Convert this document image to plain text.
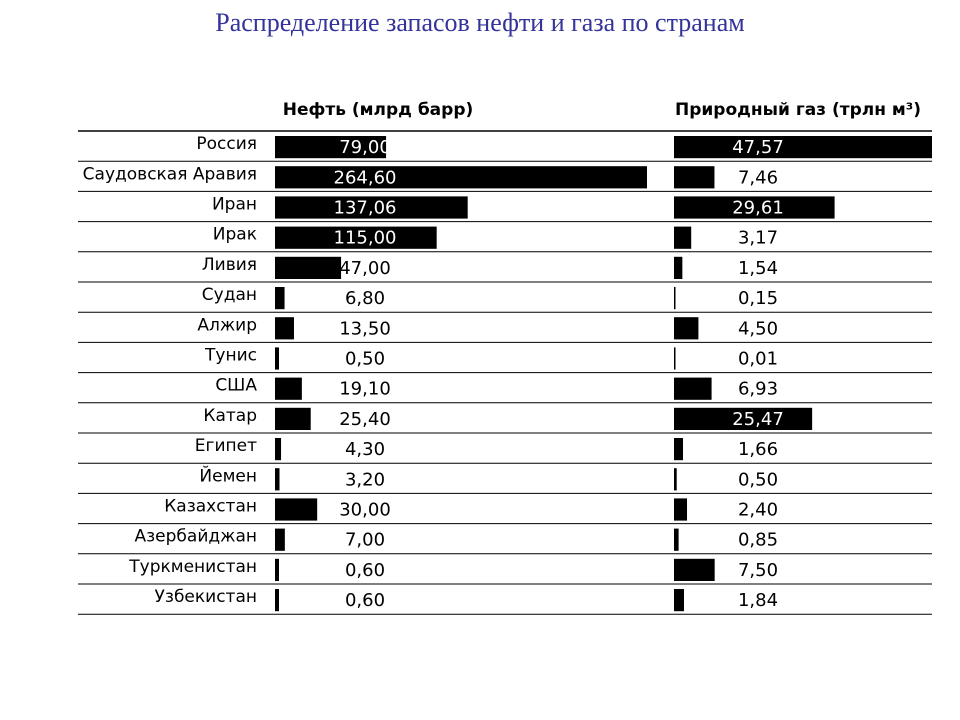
Распределение запасов нефти и газа по странам
Нефть (млрд барр)	Природный газ (трлн м³)
Россия	79,00	47,57
Саудовская Аравия	264,60	7,46
Иран	137,06	29,61
Ирак	115,00	3,17
Ливия	47,00	1,54
Судан	6,80	0,15
Алжир	13,50	4,50
Тунис	0,50	0,01
США	19,10	6,93
Катар	25,40	25,47
Египет	4,30	1,66
Йемен	3,20	0,50
Казахстан	30,00	2,40
Азербайджан	7,00	0,85
Туркменистан	0,60	7,50
Узбекистан	0,60	1,84
